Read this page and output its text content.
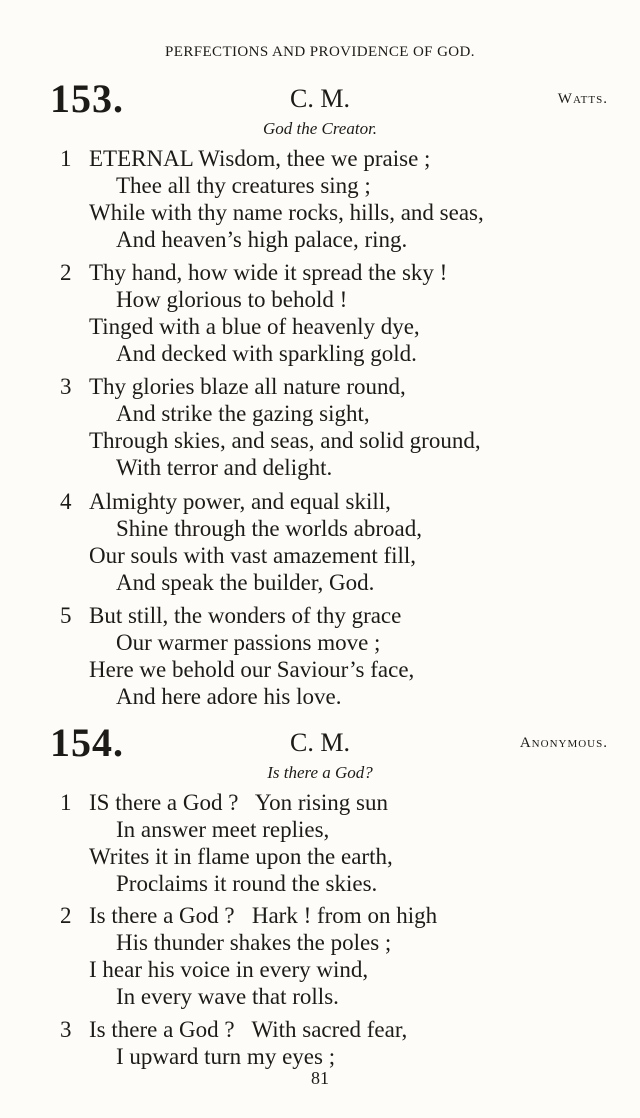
PERFECTIONS AND PROVIDENCE OF GOD.
153.	C. M.	Watts.
God the Creator.
1 ETERNAL Wisdom, thee we praise ;
Thee all thy creatures sing ;
While with thy name rocks, hills, and seas,
And heaven’s high palace, ring.
2 Thy hand, how wide it spread the sky !
How glorious to behold !
Tinged with a blue of heavenly dye,
And decked with sparkling gold.
3 Thy glories blaze all nature round,
And strike the gazing sight,
Through skies, and seas, and solid ground,
With terror and delight.
4 Almighty power, and equal skill,
Shine through the worlds abroad,
Our souls with vast amazement fill,
And speak the builder, God.
5 But still, the wonders of thy grace
Our warmer passions move ;
Here we behold our Saviour’s face,
And here adore his love.
154.	C. M.	Anonymous.
Is there a God?
1 IS there a God ?   Yon rising sun
In answer meet replies,
Writes it in flame upon the earth,
Proclaims it round the skies.
2 Is there a God ?   Hark ! from on high
His thunder shakes the poles ;
I hear his voice in every wind,
In every wave that rolls.
3 Is there a God ?   With sacred fear,
I upward turn my eyes ;
81
